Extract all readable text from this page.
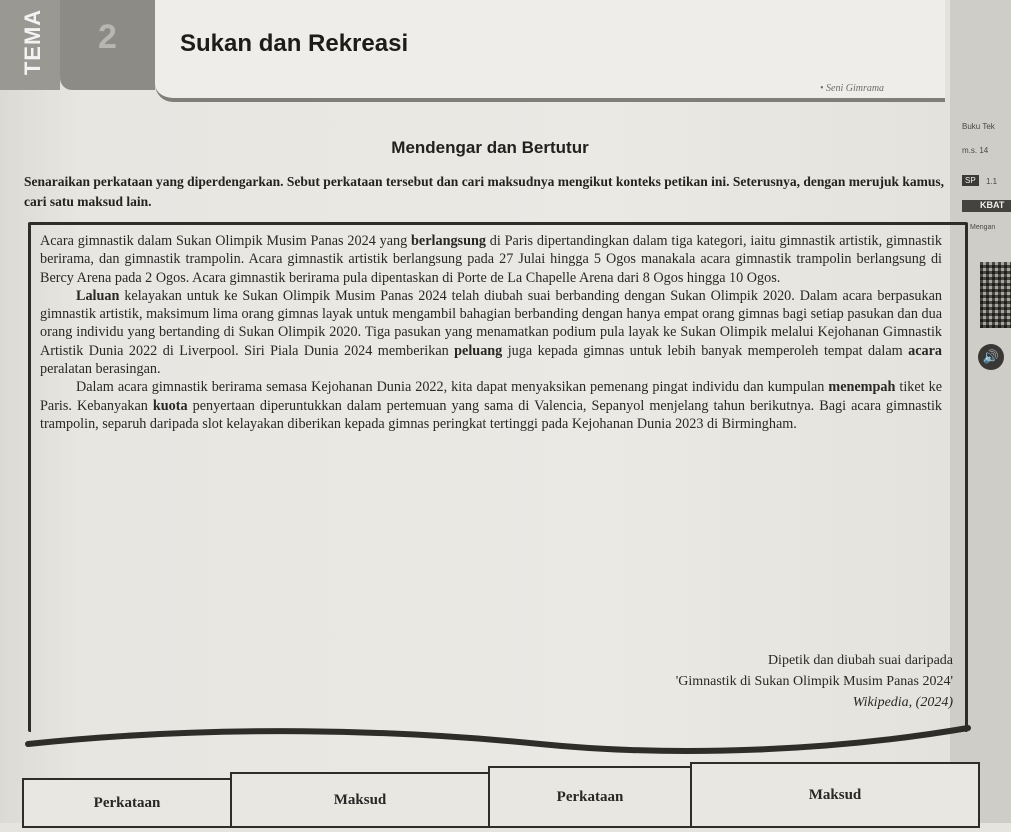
TEMA	2	Sukan dan Rekreasi
• Seni Gimrama
Buku Tek
m.s. 14
SP	1.1
KBAT
Mengan
🔊
Mendengar dan Bertutur
Senaraikan perkataan yang diperdengarkan. Sebut perkataan tersebut dan cari maksudnya mengikut konteks petikan ini. Seterusnya, dengan merujuk kamus, cari satu maksud lain.

Acara gimnastik dalam Sukan Olimpik Musim Panas 2024 yang berlangsung di Paris dipertandingkan dalam tiga kategori, iaitu gimnastik artistik, gimnastik berirama, dan gimnastik trampolin. Acara gimnastik artistik berlangsung pada 27 Julai hingga 5 Ogos manakala acara gimnastik trampolin berlangsung di Bercy Arena pada 2 Ogos. Acara gimnastik berirama pula dipentaskan di Porte de La Chapelle Arena dari 8 Ogos hingga 10 Ogos.

Laluan kelayakan untuk ke Sukan Olimpik Musim Panas 2024 telah diubah suai berbanding dengan Sukan Olimpik 2020. Dalam acara berpasukan gimnastik artistik, maksimum lima orang gimnas layak untuk mengambil bahagian berbanding dengan hanya empat orang gimnas bagi setiap pasukan dan dua orang individu yang bertanding di Sukan Olimpik 2020. Tiga pasukan yang menamatkan podium pula layak ke Sukan Olimpik melalui Kejohanan Gimnastik Artistik Dunia 2022 di Liverpool. Siri Piala Dunia 2024 memberikan peluang juga kepada gimnas untuk lebih banyak memperoleh tempat dalam acara peralatan berasingan.

Dalam acara gimnastik berirama semasa Kejohanan Dunia 2022, kita dapat menyaksikan pemenang pingat individu dan kumpulan menempah tiket ke Paris. Kebanyakan kuota penyertaan diperuntukkan dalam pertemuan yang sama di Valencia, Sepanyol menjelang tahun berikutnya. Bagi acara gimnastik trampolin, separuh daripada slot kelayakan diberikan kepada gimnas peringkat tertinggi pada Kejohanan Dunia 2023 di Birmingham.

Dipetik dan diubah suai daripada
'Gimnastik di Sukan Olimpik Musim Panas 2024'
Wikipedia, (2024)
Perkataan	Maksud	Perkataan	Maksud
